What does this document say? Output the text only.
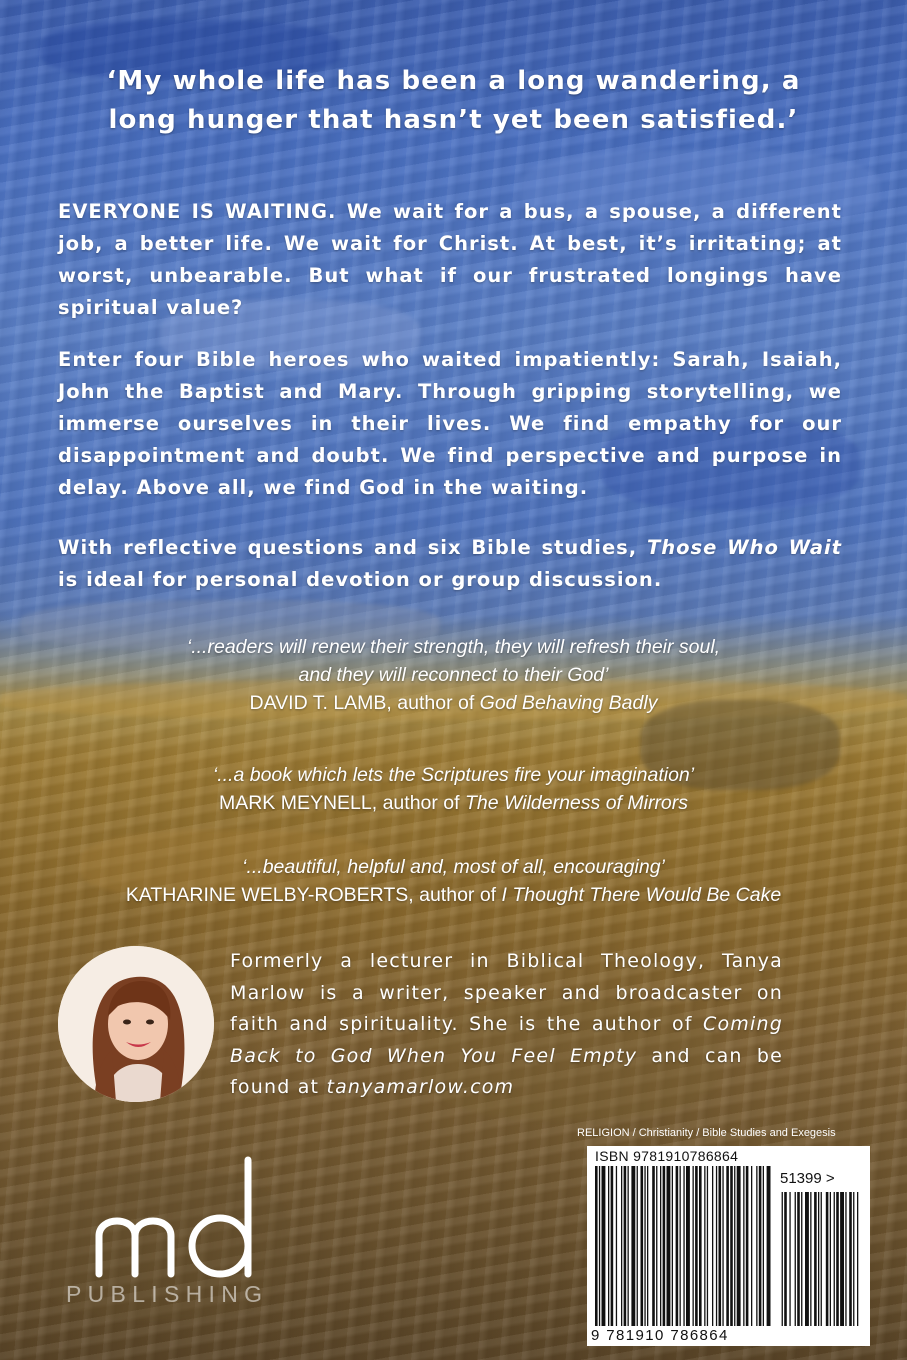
‘My whole life has been a long wandering, a
long hunger that hasn’t yet been satisfied.’

EVERYONE IS WAITING. We wait for a bus, a spouse, a different job, a better life. We wait for Christ. At best, it’s irritating; at worst, unbearable. But what if our frustrated longings have spiritual value?

Enter four Bible heroes who waited impatiently: Sarah, Isaiah, John the Baptist and Mary. Through gripping storytelling, we immerse ourselves in their lives. We find empathy for our disappointment and doubt. We find perspective and purpose in delay. Above all, we find God in the waiting.

With reflective questions and six Bible studies, Those Who Wait is ideal for personal devotion or group discussion.

‘...readers will renew their strength, they will refresh their soul,
and they will reconnect to their God’
DAVID T. LAMB, author of God Behaving Badly
‘...a book which lets the Scriptures fire your imagination’
MARK MEYNELL, author of The Wilderness of Mirrors
‘...beautiful, helpful and, most of all, encouraging’
KATHARINE WELBY-ROBERTS, author of I Thought There Would Be Cake
Formerly a lecturer in Biblical Theology, Tanya Marlow is a writer, speaker and broadcaster on faith and spirituality. She is the author of Coming Back to God When You Feel Empty and can be found at tanyamarlow.com
PUBLISHING
RELIGION / Christianity / Bible Studies and Exegesis
ISBN 9781910786864
51399 >
9 781910 786864
